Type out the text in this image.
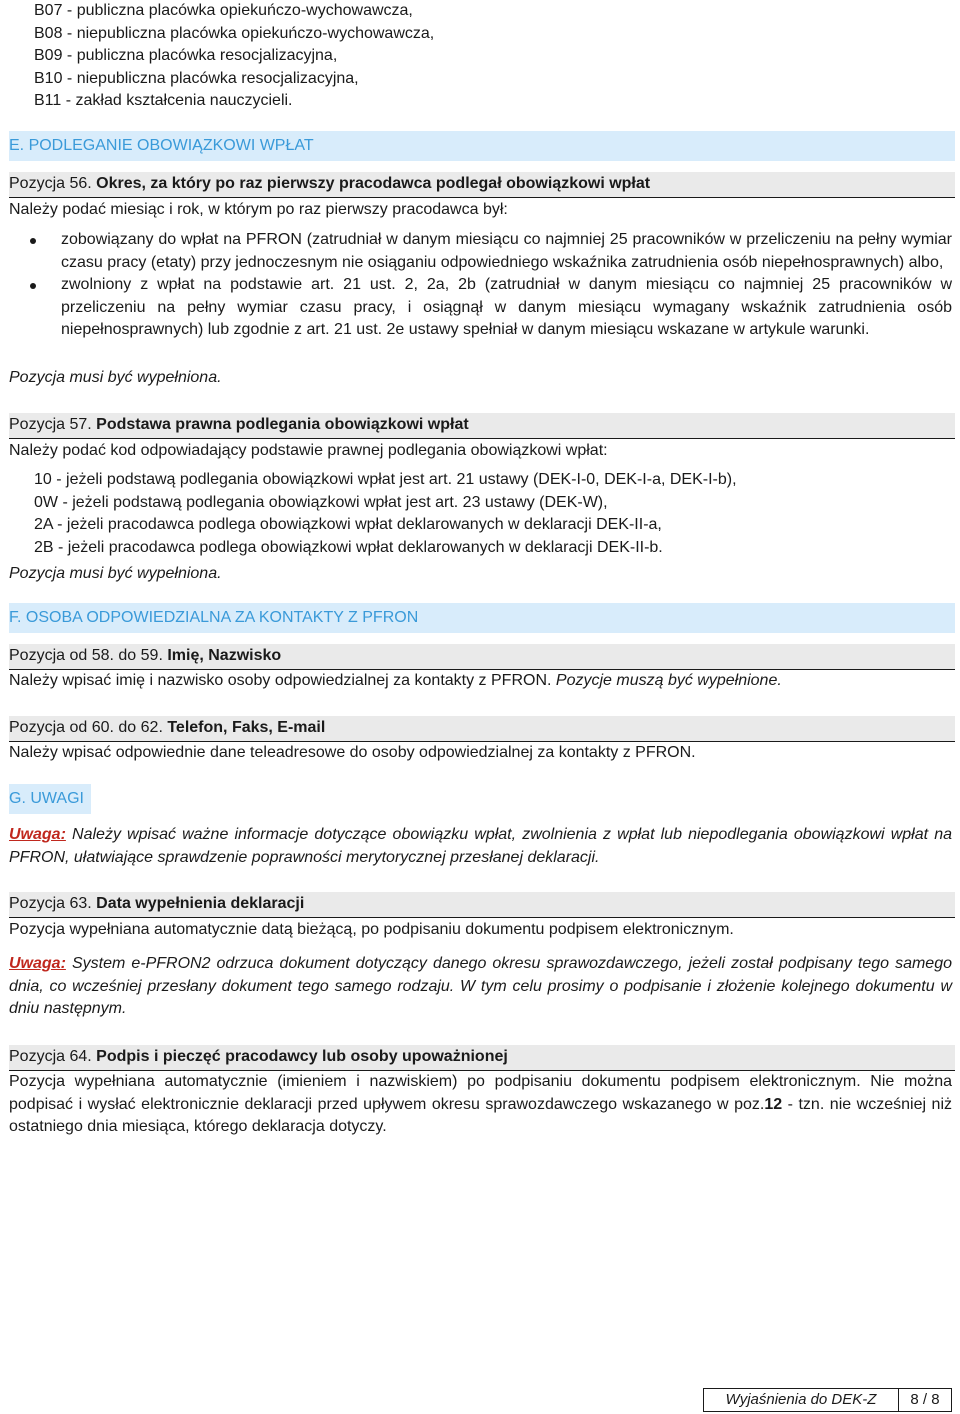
B07 - publiczna placówka opiekuńczo-wychowawcza,
B08 - niepubliczna placówka opiekuńczo-wychowawcza,
B09 - publiczna placówka resocjalizacyjna,
B10 - niepubliczna placówka resocjalizacyjna,
B11 - zakład kształcenia nauczycieli.
E. PODLEGANIE OBOWIĄZKOWI WPŁAT
Pozycja 56. Okres, za który po raz pierwszy pracodawca podlegał obowiązkowi wpłat
Należy podać miesiąc i rok, w którym po raz pierwszy pracodawca był:
zobowiązany do wpłat na PFRON (zatrudniał w danym miesiącu co najmniej 25 pracowników w przeliczeniu na pełny wymiar czasu pracy (etaty) przy jednoczesnym nie osiąganiu odpowiedniego wskaźnika zatrudnienia osób niepełnosprawnych) albo,
zwolniony z wpłat na podstawie art. 21 ust. 2, 2a, 2b (zatrudniał w danym miesiącu co najmniej 25 pracowników w przeliczeniu na pełny wymiar czasu pracy, i osiągnął w danym miesiącu wymagany wskaźnik zatrudnienia osób niepełnosprawnych) lub zgodnie z art. 21 ust. 2e ustawy spełniał w danym miesiącu wskazane w artykule warunki.
Pozycja musi być wypełniona.
Pozycja 57. Podstawa prawna podlegania obowiązkowi wpłat
Należy podać kod odpowiadający podstawie prawnej podlegania obowiązkowi wpłat:
10 - jeżeli podstawą podlegania obowiązkowi wpłat jest art. 21 ustawy (DEK-I-0, DEK-I-a, DEK-I-b),
0W - jeżeli podstawą podlegania obowiązkowi wpłat jest art. 23 ustawy (DEK-W),
2A - jeżeli pracodawca podlega obowiązkowi wpłat deklarowanych w deklaracji DEK-II-a,
2B - jeżeli pracodawca podlega obowiązkowi wpłat deklarowanych w deklaracji DEK-II-b.
Pozycja musi być wypełniona.
F. OSOBA ODPOWIEDZIALNA ZA KONTAKTY Z PFRON
Pozycja od 58. do 59. Imię, Nazwisko
Należy wpisać imię i nazwisko osoby odpowiedzialnej za kontakty z PFRON. Pozycje muszą być wypełnione.
Pozycja od 60. do 62. Telefon, Faks, E-mail
Należy wpisać odpowiednie dane teleadresowe do osoby odpowiedzialnej za kontakty z PFRON.
G. UWAGI
Uwaga: Należy wpisać ważne informacje dotyczące obowiązku wpłat, zwolnienia z wpłat lub niepodlegania obowiązkowi wpłat na PFRON, ułatwiające sprawdzenie poprawności merytorycznej przesłanej deklaracji.
Pozycja 63. Data wypełnienia deklaracji
Pozycja wypełniana automatycznie datą bieżącą, po podpisaniu dokumentu podpisem elektronicznym.
Uwaga: System e-PFRON2 odrzuca dokument dotyczący danego okresu sprawozdawczego, jeżeli został podpisany tego samego dnia, co wcześniej przesłany dokument tego samego rodzaju. W tym celu prosimy o podpisanie i złożenie kolejnego dokumentu w dniu następnym.
Pozycja 64. Podpis i pieczęć pracodawcy lub osoby upoważnionej
Pozycja wypełniana automatycznie (imieniem i nazwiskiem) po podpisaniu dokumentu podpisem elektronicznym. Nie można podpisać i wysłać elektronicznie deklaracji przed upływem okresu sprawozdawczego wskazanego w poz.12 - tzn. nie wcześniej niż ostatniego dnia miesiąca, którego deklaracja dotyczy.
Wyjaśnienia do DEK-Z	8 / 8
